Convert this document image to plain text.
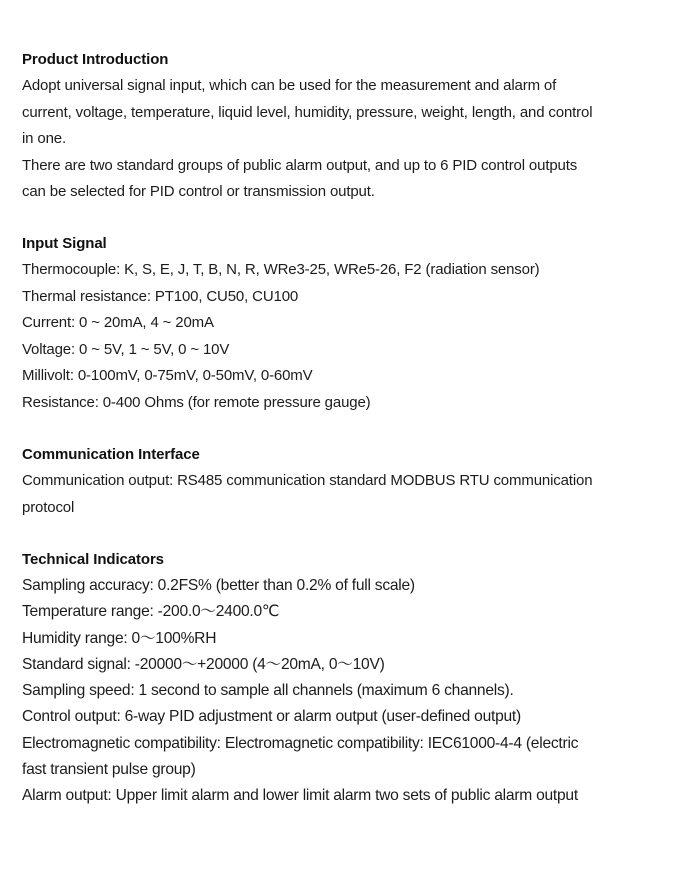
Product Introduction
Adopt universal signal input, which can be used for the measurement and alarm of
current, voltage, temperature, liquid level, humidity, pressure, weight, length, and control
in one.
There are two standard groups of public alarm output, and up to 6 PID control outputs
can be selected for PID control or transmission output.
Input Signal
Thermocouple: K, S, E, J, T, B, N, R, WRe3-25, WRe5-26, F2 (radiation sensor)
Thermal resistance: PT100, CU50, CU100
Current: 0 ~ 20mA, 4 ~ 20mA
Voltage: 0 ~ 5V, 1 ~ 5V, 0 ~ 10V
Millivolt: 0-100mV, 0-75mV, 0-50mV, 0-60mV
Resistance: 0-400 Ohms (for remote pressure gauge)
Communication Interface
Communication output: RS485 communication standard MODBUS RTU communication
protocol
Technical Indicators
Sampling accuracy: 0.2FS% (better than 0.2% of full scale)
Temperature range: -200.0～2400.0℃
Humidity range: 0～100%RH
Standard signal: -20000～+20000 (4～20mA, 0～10V)
Sampling speed: 1 second to sample all channels (maximum 6 channels).
Control output: 6-way PID adjustment or alarm output (user-defined output)
Electromagnetic compatibility: Electromagnetic compatibility: IEC61000-4-4 (electric
fast transient pulse group)
Alarm output: Upper limit alarm and lower limit alarm two sets of public alarm output
